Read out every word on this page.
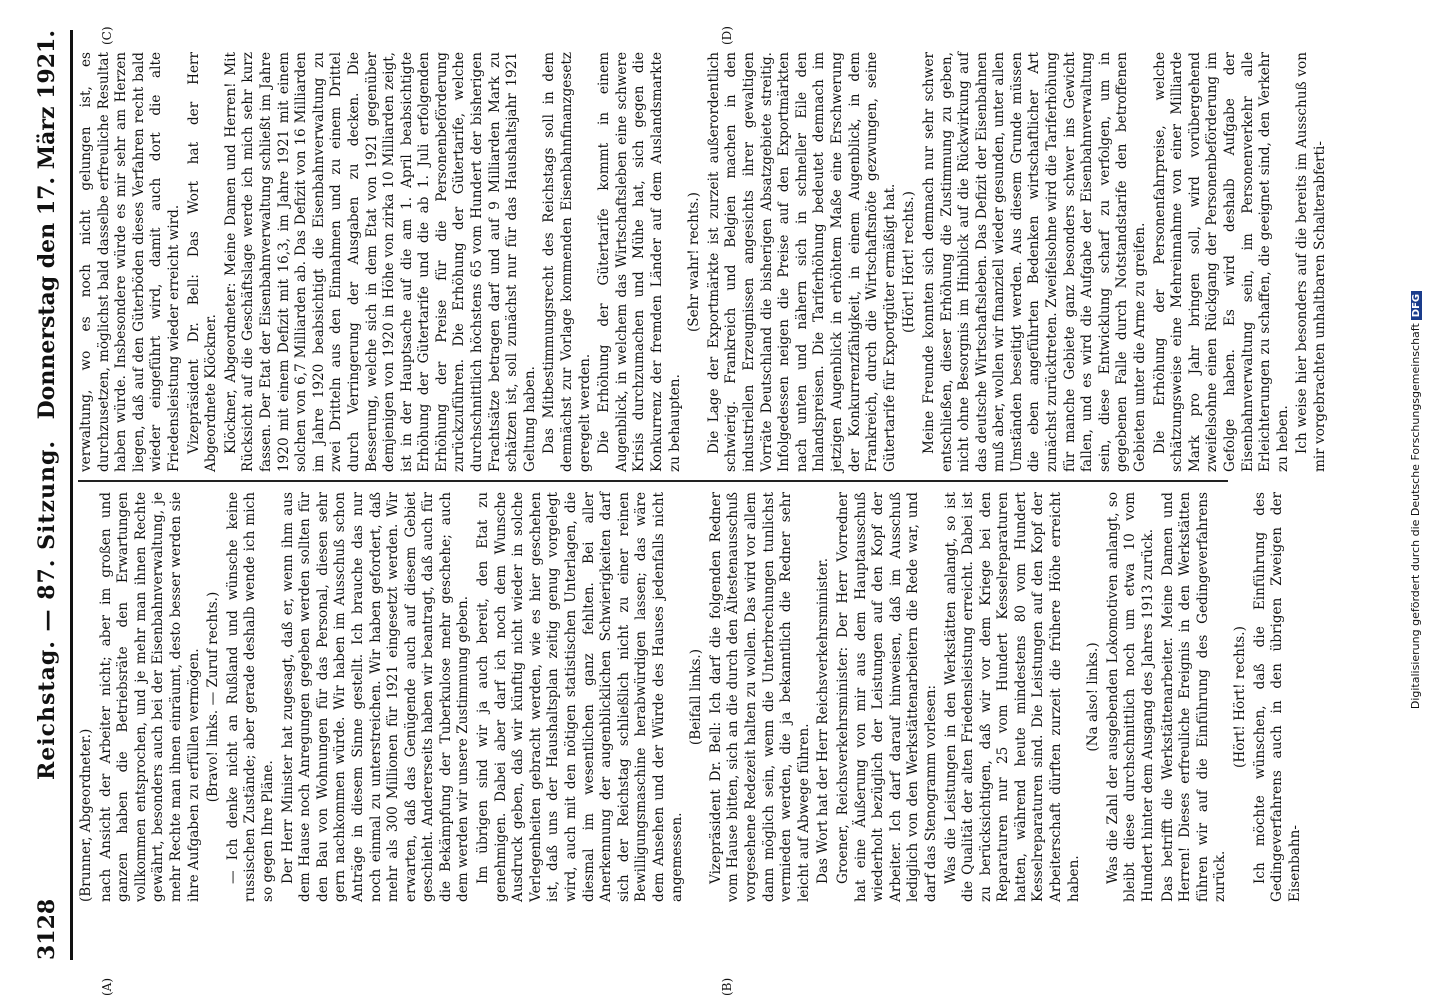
3128
Reichstag. — 87. Sitzung.
Donnerstag den 17. März 1921.
(A)	(B)
(C)	(D)

(Brunner, Abgeordneter.) nach Ansicht der Arbeiter nicht; aber im großen und ganzen haben die Betriebsräte den Erwartungen vollkommen entsprochen, und je mehr man ihnen Rechte gewährt, besonders auch bei der Eisenbahnverwaltung, je mehr Rechte man ihnen einräumt, desto besser werden sie ihre Aufgaben zu erfüllen vermögen. (Bravo! links. — Zuruf rechts.) — Ich denke nicht an Rußland und wünsche keine russischen Zustände; aber gerade deshalb wende ich mich so gegen Ihre Pläne. Der Herr Minister hat zugesagt, daß er, wenn ihm aus dem Hause noch Anregungen gegeben werden sollten für den Bau von Wohnungen für das Personal, diesen sehr gern nachkommen würde. Wir haben im Ausschuß schon Anträge in diesem Sinne gestellt. Ich brauche das nur noch einmal zu unterstreichen. Wir haben gefordert, daß mehr als 300 Millionen für 1921 eingesetzt werden. Wir erwarten, daß das Genügende auch auf diesem Gebiet geschieht. Andererseits haben wir beantragt, daß auch für die Bekämpfung der Tuberkulose mehr geschehe; auch dem werden wir unsere Zustimmung geben. Im übrigen sind wir ja auch bereit, den Etat zu genehmigen. Dabei aber darf ich noch dem Wunsche Ausdruck geben, daß wir künftig nicht wieder in solche Verlegenheiten gebracht werden, wie es hier geschehen ist, daß uns der Haushaltsplan zeitig genug vorgelegt wird, auch mit den nötigen statistischen Unterlagen, die diesmal im wesentlichen ganz fehlten. Bei aller Anerkennung der augenblicklichen Schwierigkeiten darf sich der Reichstag schließlich nicht zu einer reinen Bewilligungsmaschine herabwürdigen lassen; das wäre dem Ansehen und der Würde des Hauses jedenfalls nicht angemessen.

(Beifall links.) Vizepräsident Dr. Bell: Ich darf die folgenden Redner vom Hause bitten, sich an die durch den Ältestenausschuß vorgesehene Redezeit halten zu wollen. Das wird vor allem dann möglich sein, wenn die Unterbrechungen tunlichst vermieden werden, die ja bekanntlich die Redner sehr leicht auf Abwege führen. Das Wort hat der Herr Reichsverkehrsminister. Groener, Reichsverkehrsminister: Der Herr Vorredner hat eine Äußerung von mir aus dem Hauptausschuß wiederholt bezüglich der Leistungen auf den Kopf der Arbeiter. Ich darf darauf hinweisen, daß im Ausschuß lediglich von den Werkstättenarbeitern die Rede war, und darf das Stenogramm vorlesen: Was die Leistungen in den Werkstätten anlangt, so ist die Qualität der alten Friedensleistung erreicht. Dabei ist zu berücksichtigen, daß wir vor dem Kriege bei den Reparaturen nur 25 vom Hundert Kesselreparaturen hatten, während heute mindestens 80 vom Hundert Kesselreparaturen sind. Die Leistungen auf den Kopf der Arbeiterschaft dürften zurzeit die frühere Höhe erreicht haben.

(Na also! links.) Was die Zahl der ausgebenden Lokomotiven anlangt, so bleibt diese durchschnittlich noch um etwa 10 vom Hundert hinter dem Ausgang des Jahres 1913 zurück. Das betrifft die Werkstättenarbeiter. Meine Damen und Herren! Dieses erfreuliche Ereignis in den Werkstätten führen wir auf die Einführung des Gedingeverfahrens zurück.

(Hört! Hört! rechts.) Ich möchte wünschen, daß die Einführung des Gedingeverfahrens auch in den übrigen Zweigen der Eisenbahn-

verwaltung, wo es noch nicht gelungen ist, es durchzusetzen, möglichst bald dasselbe erfreuliche Resultat haben würde. Insbesondere würde es mir sehr am Herzen liegen, daß auf den Güterböden dieses Verfahren recht bald wieder eingeführt wird, damit auch dort die alte Friedensleistung wieder erreicht wird. Vizepräsident Dr. Bell: Das Wort hat der Herr Abgeordnete Klöckner. Klöckner, Abgeordneter: Meine Damen und Herren! Mit Rücksicht auf die Geschäftslage werde ich mich sehr kurz fassen. Der Etat der Eisenbahnverwaltung schließt im Jahre 1920 mit einem Defizit mit 16,3, im Jahre 1921 mit einem solchen von 6,7 Milliarden ab. Das Defizit von 16 Milliarden im Jahre 1920 beabsichtigt die Eisenbahnverwaltung zu zwei Dritteln aus den Einnahmen und zu einem Drittel durch Verringerung der Ausgaben zu decken. Die Besserung, welche sich in dem Etat von 1921 gegenüber demjenigen von 1920 in Höhe von zirka 10 Milliarden zeigt, ist in der Hauptsache auf die am 1. April beabsichtigte Erhöhung der Gütertarife und die ab 1. Juli erfolgenden Erhöhung der Preise für die Personenbeförderung zurückzuführen. Die Erhöhung der Gütertarife, welche durchschnittlich höchstens 65 vom Hundert der bisherigen Frachtsätze betragen darf und auf 9 Milliarden Mark zu schätzen ist, soll zunächst nur für das Haushaltsjahr 1921 Geltung haben. Das Mitbestimmungsrecht des Reichstags soll in dem demnächst zur Vorlage kommenden Eisenbahnfinanzgesetz geregelt werden. Die Erhöhung der Gütertarife kommt in einem Augenblick, in welchem das Wirtschaftsleben eine schwere Krisis durchzumachen und Mühe hat, sich gegen die Konkurrenz der fremden Länder auf dem Auslandsmarkte zu behaupten.

(Sehr wahr! rechts.) Die Lage der Exportmärkte ist zurzeit außerordentlich schwierig. Frankreich und Belgien machen in den industriellen Erzeugnissen angesichts ihrer gewaltigen Vorräte Deutschland die bisherigen Absatzgebiete streitig. Infolgedessen neigen die Preise auf den Exportmärkten nach unten und nähern sich in schneller Eile den Inlandspreisen. Die Tariferhöhung bedeutet demnach im jetzigen Augenblick in erhöhtem Maße eine Erschwerung der Konkurrenzfähigkeit, in einem Augenblick, in dem Frankreich, durch die Wirtschaftsnöte gezwungen, seine Gütertarife für Exportgüter ermäßigt hat. (Hört! Hört! rechts.) Meine Freunde konnten sich demnach nur sehr schwer entschließen, dieser Erhöhung die Zustimmung zu geben, nicht ohne Besorgnis im Hinblick auf die Rückwirkung auf das deutsche Wirtschaftsleben. Das Defizit der Eisenbahnen muß aber, wollen wir finanziell wieder gesunden, unter allen Umständen beseitigt werden. Aus diesem Grunde müssen die eben angeführten Bedenken wirtschaftlicher Art zunächst zurücktreten. Zweifelsohne wird die Tariferhöhung für manche Gebiete ganz besonders schwer ins Gewicht fallen, und es wird die Aufgabe der Eisenbahnverwaltung sein, diese Entwicklung scharf zu verfolgen, um in gegebenen Falle durch Notstandstarife den betroffenen Gebieten unter die Arme zu greifen. Die Erhöhung der Personenfahrpreise, welche schätzungsweise eine Mehreinnahme von einer Milliarde Mark pro Jahr bringen soll, wird vorübergehend zweifelsohne einen Rückgang der Personenbeförderung im Gefolge haben. Es wird deshalb Aufgabe der Eisenbahnverwaltung sein, im Personenverkehr alle Erleichterungen zu schaffen, die geeignet sind, den Verkehr zu heben. Ich weise hier besonders auf die bereits im Ausschuß von mir vorgebrachten unhaltbaren Schalterabferti-

Digitalisierung gefördert durch die Deutsche ForschungsgemeinschaftDFG
